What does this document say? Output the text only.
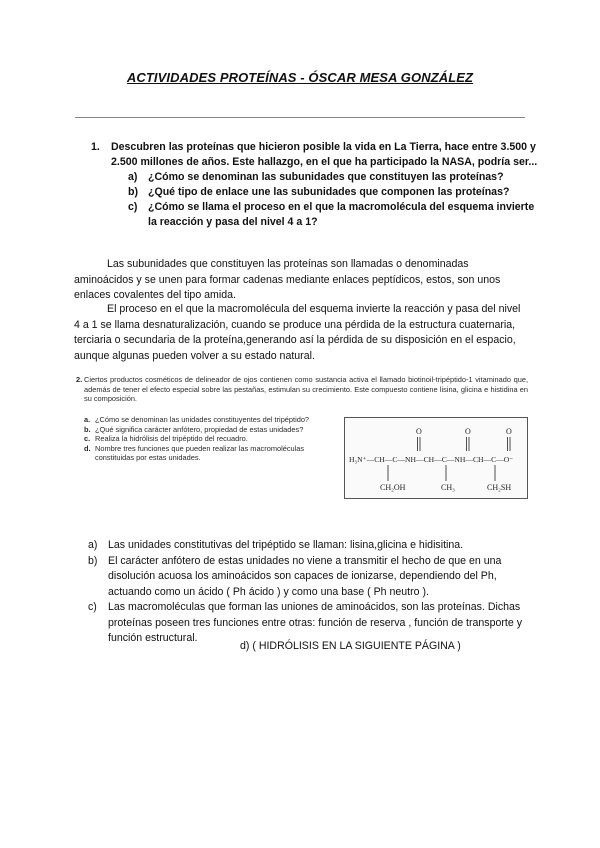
ACTIVIDADES PROTEÍNAS - ÓSCAR MESA GONZÁLEZ
1. Descubren las proteínas que hicieron posible la vida en La Tierra, hace entre 3.500 y 2.500 millones de años. Este hallazgo, en el que ha participado la NASA, podría ser...
a) ¿Cómo se denominan las subunidades que constituyen las proteínas?
b) ¿Qué tipo de enlace une las subunidades que componen las proteínas?
c) ¿Cómo se llama el proceso en el que la macromolécula del esquema invierte la reacción y pasa del nivel 4 a 1?
Las subunidades que constituyen las proteínas son llamadas o denominadas aminoácidos y se unen para formar cadenas mediante enlaces peptídicos, estos, son unos enlaces covalentes del tipo amida.
El proceso en el que la macromolécula del esquema invierte la reacción y pasa del nivel 4 a 1 se llama desnaturalización, cuando se produce una pérdida de la estructura cuaternaria, terciaria o secundaria de la proteína,generando así la pérdida de su disposición en el espacio, aunque algunas pueden volver a su estado natural.
2. Ciertos productos cosméticos de delineador de ojos contienen como sustancia activa el llamado biotinoil-tripéptido-1 vitaminado que, además de tener el efecto especial sobre las pestañas, estimulan su crecimiento. Este compuesto contiene lisina, glicina e histidina en su composición.
a. ¿Cómo se denominan las unidades constituyentes del tripéptido?
b. ¿Qué significa carácter anfótero, propiedad de estas unidades?
c. Realiza la hidrólisis del tripéptido del recuadro.
d. Nombre tres funciones que pueden realizar las macromoléculas constituidas por estas unidades.
O	O	O
H₃N⁺—CH—C—NH—CH—C—NH—CH—C—O⁻
CH₂OH	CH₃	CH₂SH
a) Las unidades constitutivas del tripéptido se llaman: lisina,glicina e hidisitina.
b) El carácter anfótero de estas unidades no viene a transmitir el hecho de que en una disolución acuosa los aminoácidos son capaces de ionizarse, dependiendo del Ph, actuando como un ácido ( Ph ácido ) y como una base ( Ph neutro ).
c) Las macromoléculas que forman las uniones de aminoácidos, son las proteínas. Dichas proteínas poseen tres funciones entre otras: función de reserva , función de transporte y función estructural.
d) ( HIDRÓLISIS EN LA SIGUIENTE PÁGINA )
